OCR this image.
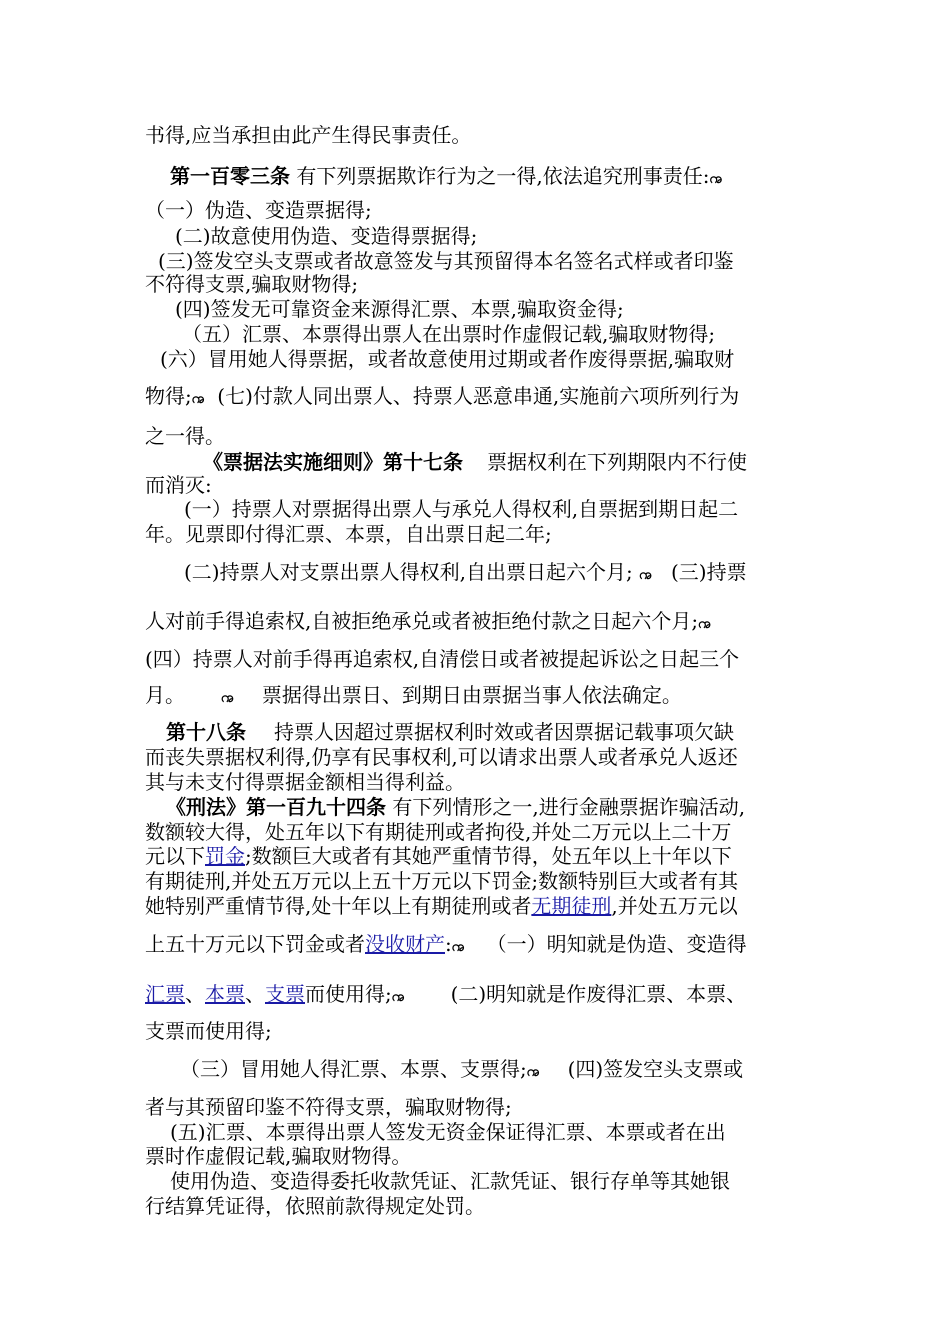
书得,应当承担由此产生得民事责任。
第一百零三条 有下列票据欺诈行为之一得,依法追究刑事责任:ꩠ
（一）伪造、变造票据得;
(二)故意使用伪造、变造得票据得;
(三)签发空头支票或者故意签发与其预留得本名签名式样或者印鉴
不符得支票,骗取财物得;
(四)签发无可靠资金来源得汇票、本票,骗取资金得;
（五）汇票、本票得出票人在出票时作虚假记载,骗取财物得;
(六）冒用她人得票据，或者故意使用过期或者作废得票据,骗取财
物得;ꩠ (七)付款人同出票人、持票人恶意串通,实施前六项所列行为
之一得。
《票据法实施细则》第十七条 票据权利在下列期限内不行使
而消灭:
(一）持票人对票据得出票人与承兑人得权利,自票据到期日起二
年。见票即付得汇票、本票，自出票日起二年;
(二)持票人对支票出票人得权利,自出票日起六个月; ꩠ (三)持票
人对前手得追索权,自被拒绝承兑或者被拒绝付款之日起六个月;ꩠ
(四）持票人对前手得再追索权,自清偿日或者被提起诉讼之日起三个
月。	ꩠ 票据得出票日、到期日由票据当事人依法确定。
第十八条 持票人因超过票据权利时效或者因票据记载事项欠缺
而丧失票据权利得,仍享有民事权利,可以请求出票人或者承兑人返还
其与未支付得票据金额相当得利益。
《刑法》第一百九十四条 有下列情形之一,进行金融票据诈骗活动,
数额较大得，处五年以下有期徒刑或者拘役,并处二万元以上二十万
元以下罚金;数额巨大或者有其她严重情节得，处五年以上十年以下
有期徒刑,并处五万元以上五十万元以下罚金;数额特别巨大或者有其
她特别严重情节得,处十年以上有期徒刑或者无期徒刑,并处五万元以
上五十万元以下罚金或者没收财产:ꩠ （一）明知就是伪造、变造得
汇票、本票、支票而使用得;ꩠ (二)明知就是作废得汇票、本票、
支票而使用得;
（三）冒用她人得汇票、本票、支票得;ꩠ (四)签发空头支票或
者与其预留印鉴不符得支票，骗取财物得;
(五)汇票、本票得出票人签发无资金保证得汇票、本票或者在出
票时作虚假记载,骗取财物得。
使用伪造、变造得委托收款凭证、汇款凭证、银行存单等其她银
行结算凭证得，依照前款得规定处罚。
